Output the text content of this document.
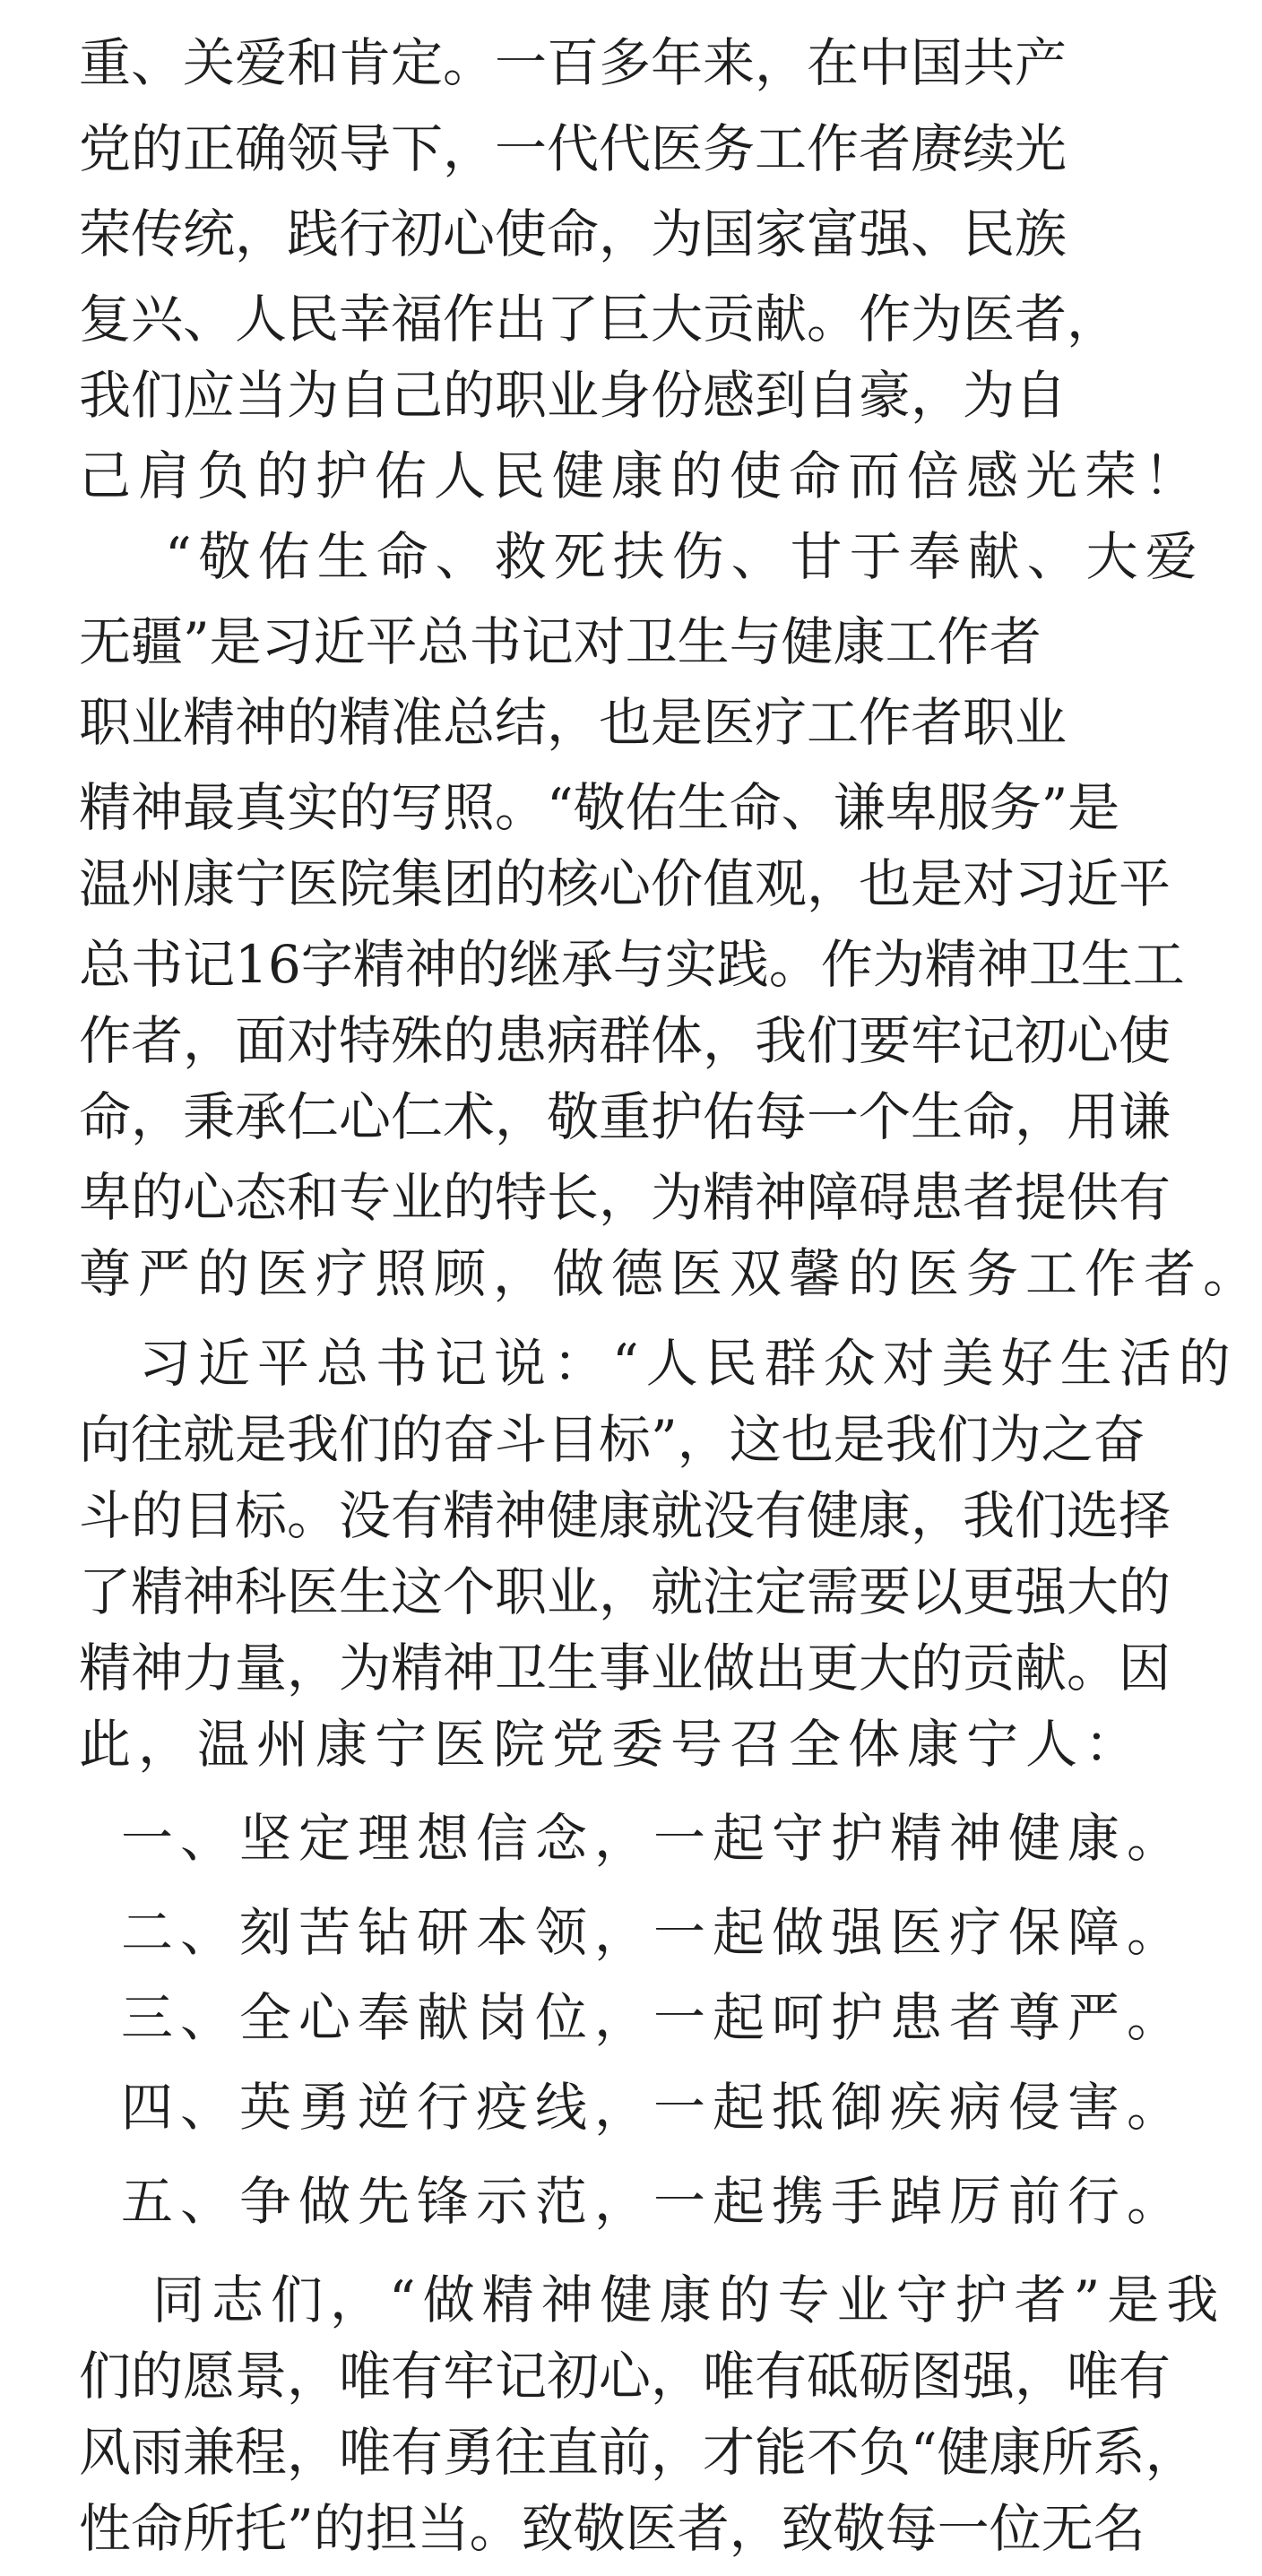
重、关爱和肯定。一百多年来，在中国共产
党的正确领导下，一代代医务工作者赓续光
荣传统，践行初心使命，为国家富强、民族
复兴、人民幸福作出了巨大贡献。作为医者，
我们应当为自己的职业身份感到自豪，为自
己肩负的护佑人民健康的使命而倍感光荣！
“敬佑生命、救死扶伤、甘于奉献、大爱
无疆”是习近平总书记对卫生与健康工作者
职业精神的精准总结，也是医疗工作者职业
精神最真实的写照。“敬佑生命、谦卑服务”是
温州康宁医院集团的核心价值观，也是对习近平
总书记16字精神的继承与实践。作为精神卫生工
作者，面对特殊的患病群体，我们要牢记初心使
命，秉承仁心仁术，敬重护佑每一个生命，用谦
卑的心态和专业的特长，为精神障碍患者提供有
尊严的医疗照顾，做德医双馨的医务工作者。
习近平总书记说：“人民群众对美好生活的
向往就是我们的奋斗目标”，这也是我们为之奋
斗的目标。没有精神健康就没有健康，我们选择
了精神科医生这个职业，就注定需要以更强大的
精神力量，为精神卫生事业做出更大的贡献。因
此，温州康宁医院党委号召全体康宁人：
一、坚定理想信念，一起守护精神健康。
二、刻苦钻研本领，一起做强医疗保障。
三、全心奉献岗位，一起呵护患者尊严。
四、英勇逆行疫线，一起抵御疾病侵害。
五、争做先锋示范，一起携手踔厉前行。
同志们，“做精神健康的专业守护者”是我
们的愿景，唯有牢记初心，唯有砥砺图强，唯有
风雨兼程，唯有勇往直前，才能不负“健康所系，
性命所托”的担当。致敬医者，致敬每一位无名
